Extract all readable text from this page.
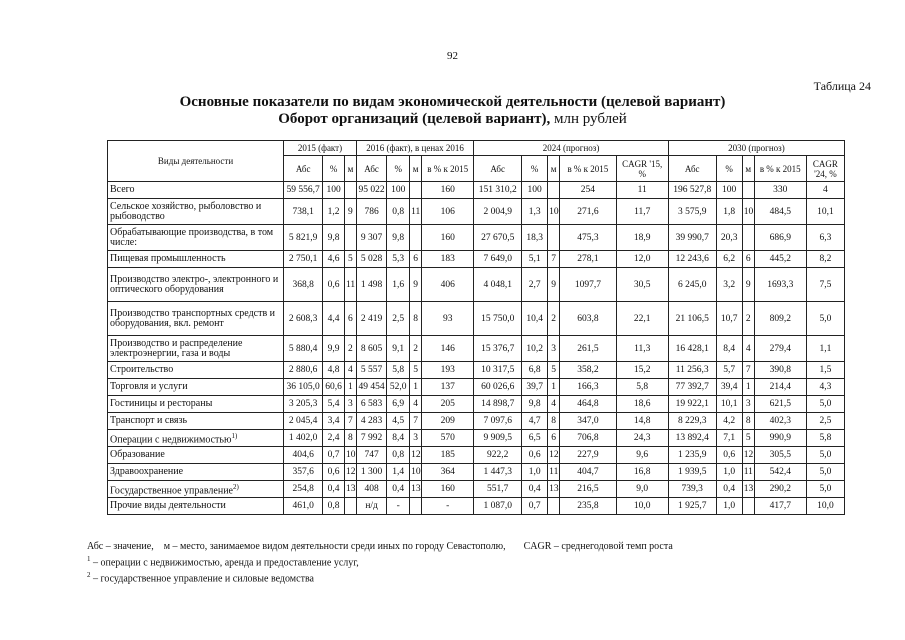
92
Таблица 24
Основные показатели по видам экономической деятельности (целевой вариант)
Оборот организаций (целевой вариант), млн рублей
Виды деятельности	2015 (факт)			2016 (факт), в ценах 2016				2024 (прогноз)					2030 (прогноз)				
	Абс	%	м	Абс	%	м	в % к 2015	Абс	%	м	в % к 2015	CAGR '15, %	Абс	%	м	в % к 2015	CAGR '24, %
Всего	59 556,7	100		95 022	100		160	151 310,2	100		254	11	196 527,8	100		330	4
Сельское хозяйство, рыболовство и рыбоводство	738,1	1,2	9	786	0,8	11	106	2 004,9	1,3	10	271,6	11,7	3 575,9	1,8	10	484,5	10,1
Обрабатывающие производства, в том числе:	5 821,9	9,8		9 307	9,8		160	27 670,5	18,3		475,3	18,9	39 990,7	20,3		686,9	6,3
Пищевая промышленность	2 750,1	4,6	5	5 028	5,3	6	183	7 649,0	5,1	7	278,1	12,0	12 243,6	6,2	6	445,2	8,2
Производство электро-, электронного и оптического оборудования	368,8	0,6	11	1 498	1,6	9	406	4 048,1	2,7	9	1097,7	30,5	6 245,0	3,2	9	1693,3	7,5
Производство транспортных средств и оборудования, вкл. ремонт	2 608,3	4,4	6	2 419	2,5	8	93	15 750,0	10,4	2	603,8	22,1	21 106,5	10,7	2	809,2	5,0
Производство и распределение электроэнергии, газа и воды	5 880,4	9,9	2	8 605	9,1	2	146	15 376,7	10,2	3	261,5	11,3	16 428,1	8,4	4	279,4	1,1
Строительство	2 880,6	4,8	4	5 557	5,8	5	193	10 317,5	6,8	5	358,2	15,2	11 256,3	5,7	7	390,8	1,5
Торговля и услуги	36 105,0	60,6	1	49 454	52,0	1	137	60 026,6	39,7	1	166,3	5,8	77 392,7	39,4	1	214,4	4,3
Гостиницы и рестораны	3 205,3	5,4	3	6 583	6,9	4	205	14 898,7	9,8	4	464,8	18,6	19 922,1	10,1	3	621,5	5,0
Транспорт и связь	2 045,4	3,4	7	4 283	4,5	7	209	7 097,6	4,7	8	347,0	14,8	8 229,3	4,2	8	402,3	2,5
Операции с недвижимостью$^{1)}$	1 402,0	2,4	8	7 992	8,4	3	570	9 909,5	6,5	6	706,8	24,3	13 892,4	7,1	5	990,9	5,8
Образование	404,6	0,7	10	747	0,8	12	185	922,2	0,6	12	227,9	9,6	1 235,9	0,6	12	305,5	5,0
Здравоохранение	357,6	0,6	12	1 300	1,4	10	364	1 447,3	1,0	11	404,7	16,8	1 939,5	1,0	11	542,4	5,0
Государственное управление$^{2)}$	254,8	0,4	13	408	0,4	13	160	551,7	0,4	13	216,5	9,0	739,3	0,4	13	290,2	5,0
Прочие виды деятельности	461,0	0,8		н/д	-		-	1 087,0	0,7		235,8	10,0	1 925,7	1,0		417,7	10,0
Абс – значение, м – место, занимаемое видом деятельности среди иных по городу Севастополю, CAGR – среднегодовой темп роста
$^1$ – операции с недвижимостью, аренда и предоставление услуг,
$^2$ – государственное управление и силовые ведомства
